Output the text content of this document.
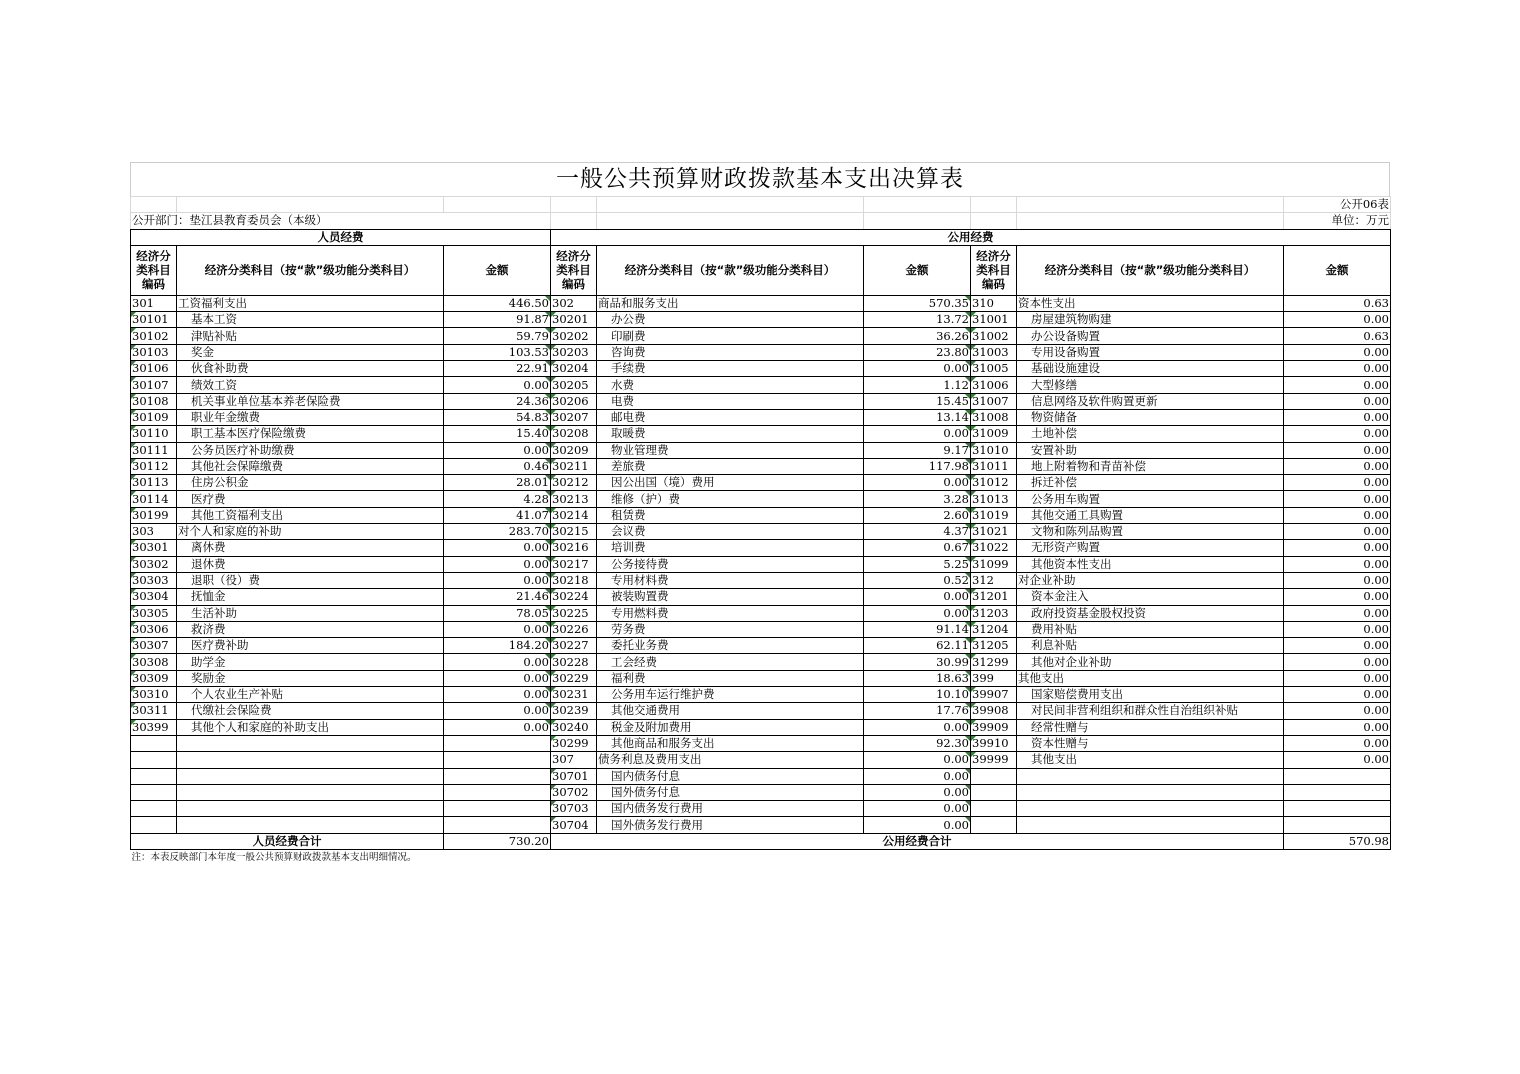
一般公共预算财政拨款基本支出决算表
								公开06表
公开部门：垫江县教育委员会（本级）								单位：万元
人员经费			公用经费					
经济分类科目编码	经济分类科目（按“款”级功能分类科目）	金额	经济分类科目编码	经济分类科目（按“款”级功能分类科目）	金额	经济分类科目编码	经济分类科目（按“款”级功能分类科目）	金额
301	工资福利支出	446.50	302	商品和服务支出	570.35	310	资本性支出	0.63
30101	基本工资	91.87	30201	办公费	13.72	31001	房屋建筑物购建	0.00
30102	津贴补贴	59.79	30202	印刷费	36.26	31002	办公设备购置	0.63
30103	奖金	103.53	30203	咨询费	23.80	31003	专用设备购置	0.00
30106	伙食补助费	22.91	30204	手续费	0.00	31005	基础设施建设	0.00
30107	绩效工资	0.00	30205	水费	1.12	31006	大型修缮	0.00
30108	机关事业单位基本养老保险费	24.36	30206	电费	15.45	31007	信息网络及软件购置更新	0.00
30109	职业年金缴费	54.83	30207	邮电费	13.14	31008	物资储备	0.00
30110	职工基本医疗保险缴费	15.40	30208	取暖费	0.00	31009	土地补偿	0.00
30111	公务员医疗补助缴费	0.00	30209	物业管理费	9.17	31010	安置补助	0.00
30112	其他社会保障缴费	0.46	30211	差旅费	117.98	31011	地上附着物和青苗补偿	0.00
30113	住房公积金	28.01	30212	因公出国（境）费用	0.00	31012	拆迁补偿	0.00
30114	医疗费	4.28	30213	维修（护）费	3.28	31013	公务用车购置	0.00
30199	其他工资福利支出	41.07	30214	租赁费	2.60	31019	其他交通工具购置	0.00
303	对个人和家庭的补助	283.70	30215	会议费	4.37	31021	文物和陈列品购置	0.00
30301	离休费	0.00	30216	培训费	0.67	31022	无形资产购置	0.00
30302	退休费	0.00	30217	公务接待费	5.25	31099	其他资本性支出	0.00
30303	退职（役）费	0.00	30218	专用材料费	0.52	312	对企业补助	0.00
30304	抚恤金	21.46	30224	被装购置费	0.00	31201	资本金注入	0.00
30305	生活补助	78.05	30225	专用燃料费	0.00	31203	政府投资基金股权投资	0.00
30306	救济费	0.00	30226	劳务费	91.14	31204	费用补贴	0.00
30307	医疗费补助	184.20	30227	委托业务费	62.11	31205	利息补贴	0.00
30308	助学金	0.00	30228	工会经费	30.99	31299	其他对企业补助	0.00
30309	奖励金	0.00	30229	福利费	18.63	399	其他支出	0.00
30310	个人农业生产补贴	0.00	30231	公务用车运行维护费	10.10	39907	国家赔偿费用支出	0.00
30311	代缴社会保险费	0.00	30239	其他交通费用	17.76	39908	对民间非营利组织和群众性自治组织补贴	0.00
30399	其他个人和家庭的补助支出	0.00	30240	税金及附加费用	0.00	39909	经常性赠与	0.00
			30299	其他商品和服务支出	92.30	39910	资本性赠与	0.00
			307	债务利息及费用支出	0.00	39999	其他支出	0.00
			30701	国内债务付息	0.00			
			30702	国外债务付息	0.00			
			30703	国内债务发行费用	0.00			
			30704	国外债务发行费用	0.00			
人员经费合计		730.20	公用经费合计					570.98
注：本表反映部门本年度一般公共预算财政拨款基本支出明细情况。								
